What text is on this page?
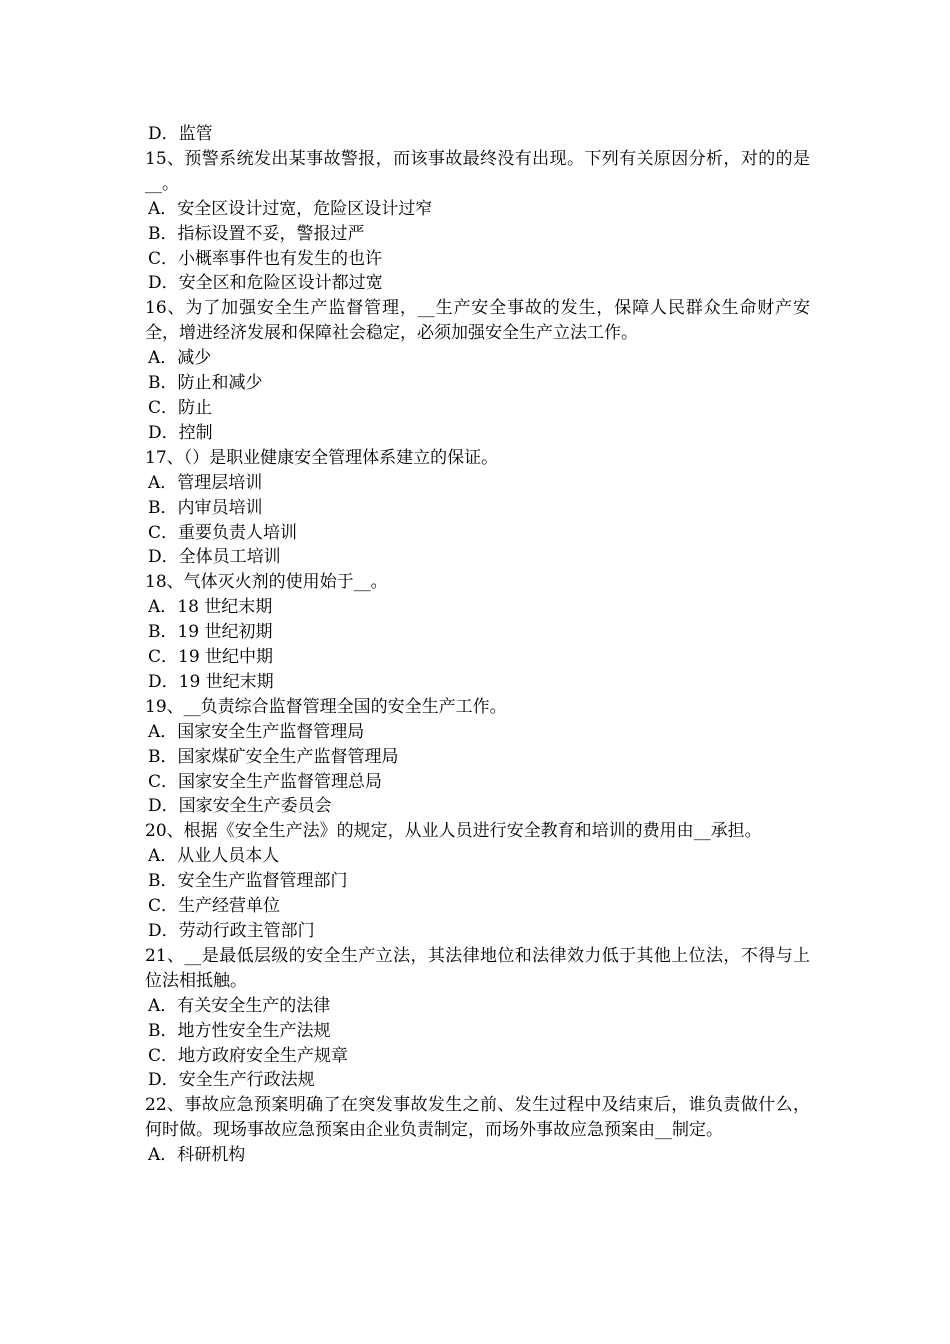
D．监管
15、预警系统发出某事故警报，而该事故最终没有出现。下列有关原因分析，对的的是__。
A．安全区设计过宽，危险区设计过窄
B．指标设置不妥，警报过严
C．小概率事件也有发生的也许
D．安全区和危险区设计都过宽
16、为了加强安全生产监督管理，__生产安全事故的发生，保障人民群众生命财产安全，增进经济发展和保障社会稳定，必须加强安全生产立法工作。
A．减少
B．防止和减少
C．防止
D．控制
17、（）是职业健康安全管理体系建立的保证。
A．管理层培训
B．内审员培训
C．重要负责人培训
D．全体员工培训
18、气体灭火剂的使用始于__。
A．18 世纪末期
B．19 世纪初期
C．19 世纪中期
D．19 世纪末期
19、__负责综合监督管理全国的安全生产工作。
A．国家安全生产监督管理局
B．国家煤矿安全生产监督管理局
C．国家安全生产监督管理总局
D．国家安全生产委员会
20、根据《安全生产法》的规定，从业人员进行安全教育和培训的费用由__承担。
A．从业人员本人
B．安全生产监督管理部门
C．生产经营单位
D．劳动行政主管部门
21、__是最低层级的安全生产立法，其法律地位和法律效力低于其他上位法，不得与上位法相抵触。
A．有关安全生产的法律
B．地方性安全生产法规
C．地方政府安全生产规章
D．安全生产行政法规
22、事故应急预案明确了在突发事故发生之前、发生过程中及结束后，谁负责做什么，何时做。现场事故应急预案由企业负责制定，而场外事故应急预案由__制定。
A．科研机构
